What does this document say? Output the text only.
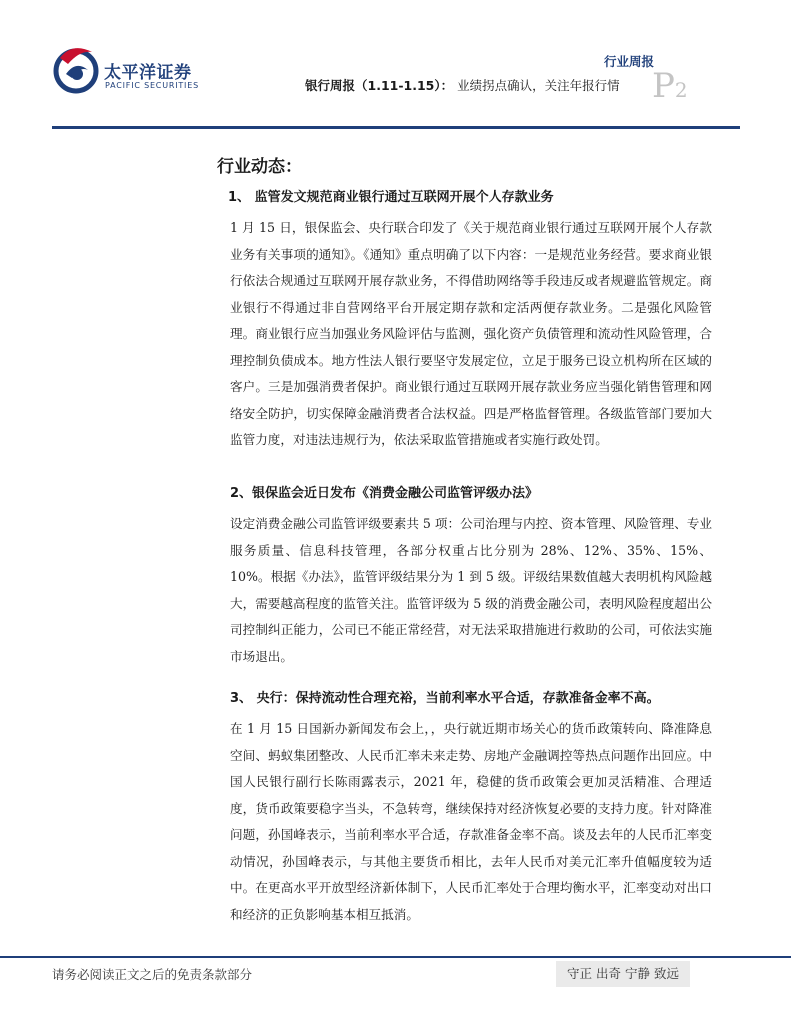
太平洋证券
PACIFIC SECURITIES
行业周报
银行周报（1.11-1.15）： 业绩拐点确认，关注年报行情 P2
行业动态：

1、 监管发文规范商业银行通过互联网开展个人存款业务

1 月 15 日，银保监会、央行联合印发了《关于规范商业银行通过互联网开展个人存款业务有关事项的通知》。《通知》重点明确了以下内容：一是规范业务经营。要求商业银行依法合规通过互联网开展存款业务，不得借助网络等手段违反或者规避监管规定。商业银行不得通过非自营网络平台开展定期存款和定活两便存款业务。二是强化风险管理。商业银行应当加强业务风险评估与监测，强化资产负债管理和流动性风险管理，合理控制负债成本。地方性法人银行要坚守发展定位，立足于服务已设立机构所在区域的客户。三是加强消费者保护。商业银行通过互联网开展存款业务应当强化销售管理和网络安全防护，切实保障金融消费者合法权益。四是严格监督管理。各级监管部门要加大监管力度，对违法违规行为，依法采取监管措施或者实施行政处罚。

2、银保监会近日发布《消费金融公司监管评级办法》

设定消费金融公司监管评级要素共 5 项：公司治理与内控、资本管理、风险管理、专业服务质量、信息科技管理，各部分权重占比分别为 28%、12%、35%、15%、10%。根据《办法》，监管评级结果分为 1 到 5 级。评级结果数值越大表明机构风险越大，需要越高程度的监管关注。监管评级为 5 级的消费金融公司，表明风险程度超出公司控制纠正能力，公司已不能正常经营，对无法采取措施进行救助的公司，可依法实施市场退出。

3、 央行：保持流动性合理充裕，当前利率水平合适，存款准备金率不高。

在 1 月 15 日国新办新闻发布会上，，央行就近期市场关心的货币政策转向、降准降息空间、蚂蚁集团整改、人民币汇率未来走势、房地产金融调控等热点问题作出回应。中国人民银行副行长陈雨露表示，2021 年，稳健的货币政策会更加灵活精准、合理适度，货币政策要稳字当头，不急转弯，继续保持对经济恢复必要的支持力度。针对降准问题，孙国峰表示，当前利率水平合适，存款准备金率不高。谈及去年的人民币汇率变动情况，孙国峰表示，与其他主要货币相比，去年人民币对美元汇率升值幅度较为适中。在更高水平开放型经济新体制下，人民币汇率处于合理均衡水平，汇率变动对出口和经济的正负影响基本相互抵消。

请务必阅读正文之后的免责条款部分	守正 出奇 宁静 致远
